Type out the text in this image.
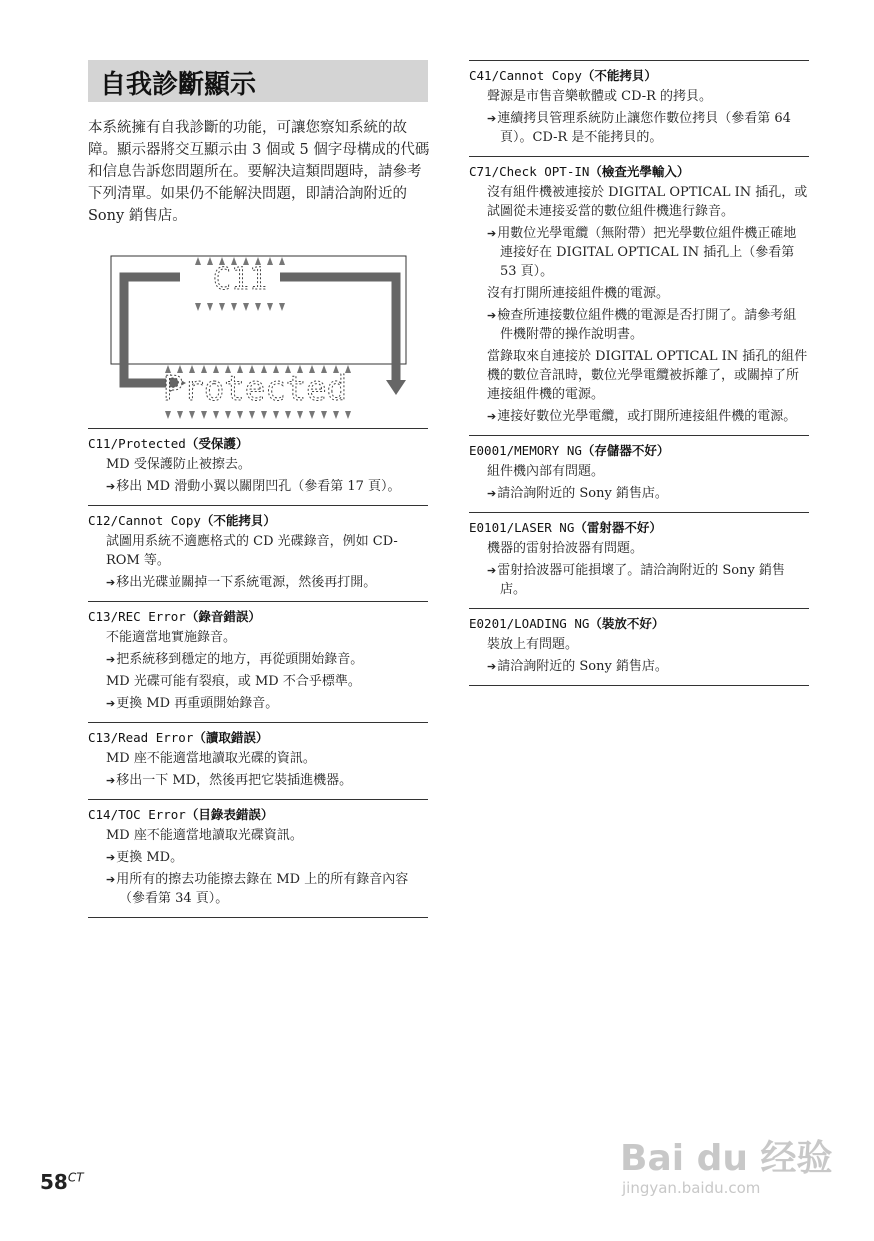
自我診斷顯示
本系統擁有自我診斷的功能，可讓您察知系統的故障。顯示器將交互顯示由 3 個或 5 個字母構成的代碼和信息告訴您問題所在。要解決這類問題時，請參考下列清單。如果仍不能解決問題，即請洽詢附近的 Sony 銷售店。
C11
Protected
C11/Protected（受保護）
MD 受保護防止被擦去。
➔ 移出 MD 滑動小翼以關閉凹孔（參看第 17 頁）。
C12/Cannot Copy（不能拷貝）
試圖用系統不適應格式的 CD 光碟錄音，例如 CD-ROM 等。
➔ 移出光碟並關掉一下系統電源，然後再打開。
C13/REC Error（錄音錯誤）
不能適當地實施錄音。
➔ 把系統移到穩定的地方，再從頭開始錄音。
MD 光碟可能有裂痕，或 MD 不合乎標準。
➔ 更換 MD 再重頭開始錄音。
C13/Read Error（讀取錯誤）
MD 座不能適當地讀取光碟的資訊。
➔ 移出一下 MD，然後再把它裝插進機器。
C14/TOC Error（目錄表錯誤）
MD 座不能適當地讀取光碟資訊。
➔ 更換 MD。
➔ 用所有的擦去功能擦去錄在 MD 上的所有錄音內容（參看第 34 頁）。
C41/Cannot Copy（不能拷貝）
聲源是市售音樂軟體或 CD-R 的拷貝。
➔ 連續拷貝管理系統防止讓您作數位拷貝（參看第 64 頁）。CD-R 是不能拷貝的。
C71/Check OPT-IN（檢查光學輸入）
沒有組件機被連接於 DIGITAL OPTICAL IN 插孔，或試圖從未連接妥當的數位組件機進行錄音。
➔ 用數位光學電纜（無附帶）把光學數位組件機正確地連接好在 DIGITAL OPTICAL IN 插孔上（參看第 53 頁）。
沒有打開所連接組件機的電源。
➔ 檢查所連接數位組件機的電源是否打開了。請參考組件機附帶的操作說明書。
當錄取來自連接於 DIGITAL OPTICAL IN 插孔的組件機的數位音訊時，數位光學電纜被拆離了，或關掉了所連接組件機的電源。
➔ 連接好數位光學電纜，或打開所連接組件機的電源。
E0001/MEMORY NG（存儲器不好）
組件機內部有問題。
➔ 請洽詢附近的 Sony 銷售店。
E0101/LASER NG（雷射器不好）
機器的雷射拾波器有問題。
➔ 雷射拾波器可能損壞了。請洽詢附近的 Sony 銷售店。
E0201/LOADING NG（裝放不好）
裝放上有問題。
➔ 請洽詢附近的 Sony 銷售店。
$58^{CT}$	Bai du 经验
jingyan.baidu.com
